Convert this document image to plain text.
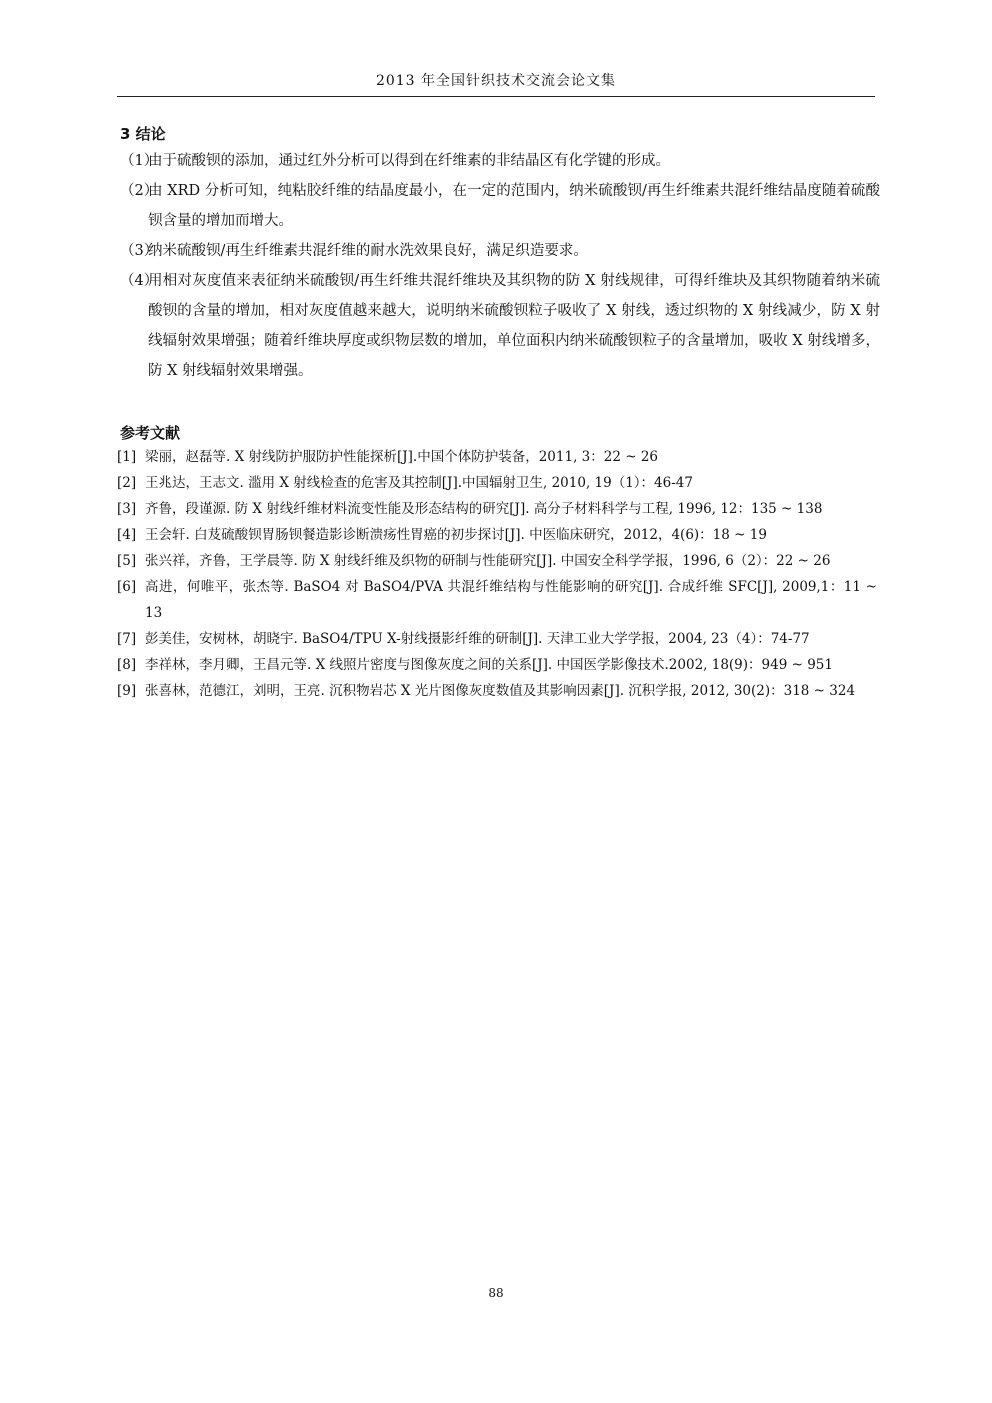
2013 年全国针织技术交流会论文集
3 结论
（1）
由于硫酸钡的添加，通过红外分析可以得到在纤维素的非结晶区有化学键的形成。
（2）
由 XRD 分析可知，纯粘胶纤维的结晶度最小，在一定的范围内，纳米硫酸钡/再生纤维素共混纤维结晶度随着硫酸钡含量的增加而增大。
（3）
纳米硫酸钡/再生纤维素共混纤维的耐水洗效果良好，满足织造要求。
（4）
用相对灰度值来表征纳米硫酸钡/再生纤维共混纤维块及其织物的防 X 射线规律，可得纤维块及其织物随着纳米硫酸钡的含量的增加，相对灰度值越来越大，说明纳米硫酸钡粒子吸收了 X 射线，透过织物的 X 射线减少，防 X 射线辐射效果增强；随着纤维块厚度或织物层数的增加，单位面积内纳米硫酸钡粒子的含量增加，吸收 X 射线增多，防 X 射线辐射效果增强。
参考文献
[1] 梁丽，赵磊等. X 射线防护服防护性能探析[J].中国个体防护装备，2011, 3：22 ~ 26
[2] 王兆达，王志文. 滥用 X 射线检查的危害及其控制[J].中国辐射卫生, 2010, 19（1）：46-47
[3] 齐鲁，段谨源. 防 X 射线纤维材料流变性能及形态结构的研究[J]. 高分子材料科学与工程, 1996, 12：135 ~ 138
[4] 王会轩. 白芨硫酸钡胃肠钡餐造影诊断溃疡性胃癌的初步探讨[J]. 中医临床研究，2012，4(6)：18 ~ 19
[5] 张兴祥，齐鲁，王学晨等. 防 X 射线纤维及织物的研制与性能研究[J]. 中国安全科学学报，1996, 6（2）：22 ~ 26
[6] 高进，何唯平，张杰等. BaSO4 对 BaSO4/PVA 共混纤维结构与性能影响的研究[J]. 合成纤维 SFC[J], 2009,1：11 ~ 13
[7] 彭美佳，安树林，胡晓宇. BaSO4/TPU X-射线摄影纤维的研制[J]. 天津工业大学学报，2004, 23（4）：74-77
[8] 李祥林，李月卿，王昌元等. X 线照片密度与图像灰度之间的关系[J]. 中国医学影像技术.2002, 18(9)：949 ~ 951
[9] 张喜林，范德江，刘明，王亮. 沉积物岩芯 X 光片图像灰度数值及其影响因素[J]. 沉积学报, 2012, 30(2)：318 ~ 324
88
